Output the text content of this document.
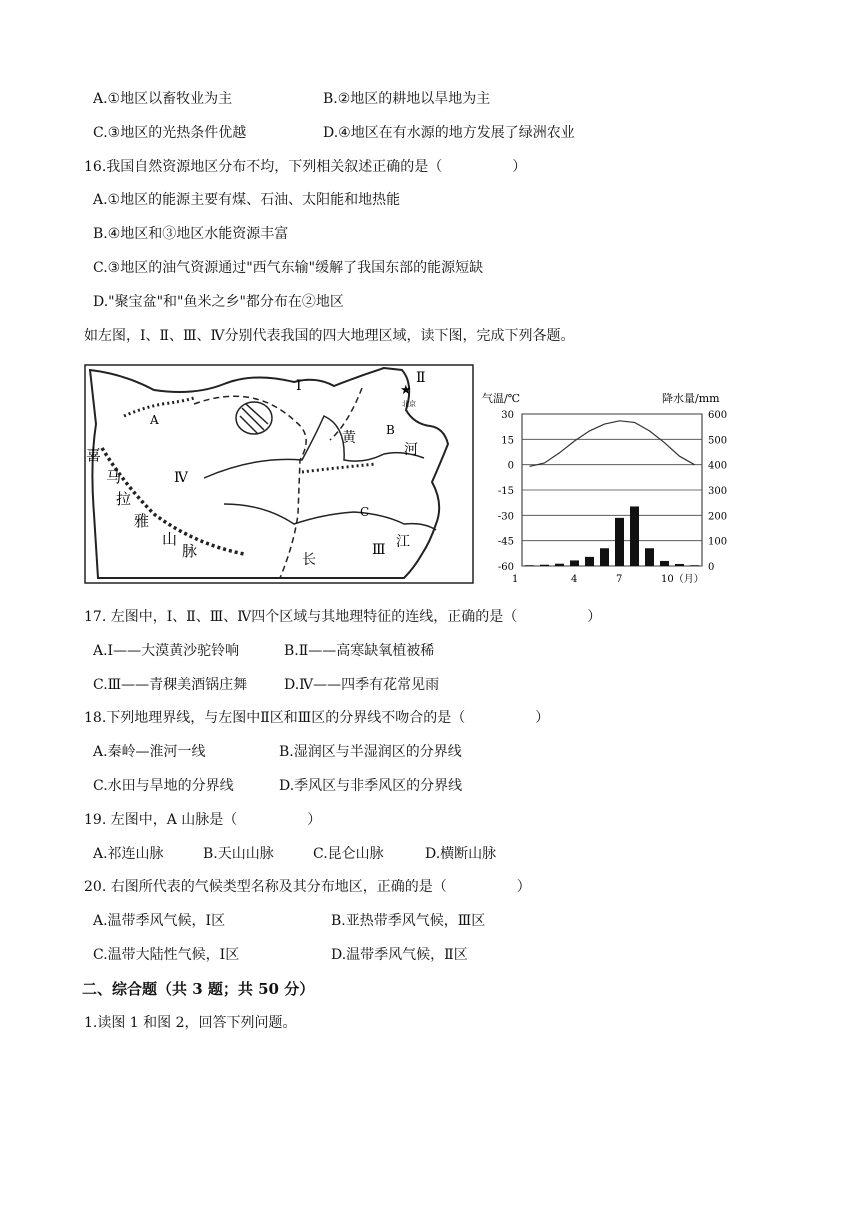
A.①地区以畜牧业为主	B.②地区的耕地以旱地为主
C.③地区的光热条件优越	D.④地区在有水源的地方发展了绿洲农业
16.我国自然资源地区分布不均，下列相关叙述正确的是（　　　　　）
A.①地区的能源主要有煤、石油、太阳能和地热能
B.④地区和③地区水能资源丰富
C.③地区的油气资源通过"西气东输"缓解了我国东部的能源短缺
D."聚宝盆"和"鱼米之乡"都分布在②地区
如左图，Ⅰ、Ⅱ、Ⅲ、Ⅳ分别代表我国的四大地理区域，读下图，完成下列各题。
Ⅰ	Ⅱ
Ⅲ
Ⅳ
A
B
C
★
北京
黄
河
长
江
喜
马
拉
雅
山
脉
气温/℃	降水量/mm
30	600
15	500
0	400
-15	300
-30	200
-45	100
-60	0
1	4	7	10（月）
17. 左图中，Ⅰ、Ⅱ、Ⅲ、Ⅳ四个区域与其地理特征的连线，正确的是（　　　　　）
A.Ⅰ——大漠黄沙驼铃响	B.Ⅱ——高寒缺氧植被稀
C.Ⅲ——青稞美酒锅庄舞	D.Ⅳ——四季有花常见雨
18.下列地理界线，与左图中Ⅱ区和Ⅲ区的分界线不吻合的是（　　　　　）
A.秦岭—淮河一线	B.湿润区与半湿润区的分界线
C.水田与旱地的分界线	D.季风区与非季风区的分界线
19. 左图中，A 山脉是（　　　　　）
A.祁连山脉	B.天山山脉	C.昆仑山脉	D.横断山脉
20. 右图所代表的气候类型名称及其分布地区，正确的是（　　　　　）
A.温带季风气候，Ⅰ区	B.亚热带季风气候，Ⅲ区
C.温带大陆性气候，Ⅰ区	D.温带季风气候，Ⅱ区
二、综合题（共 3 题；共 50 分）
1.读图 1 和图 2，回答下列问题。
